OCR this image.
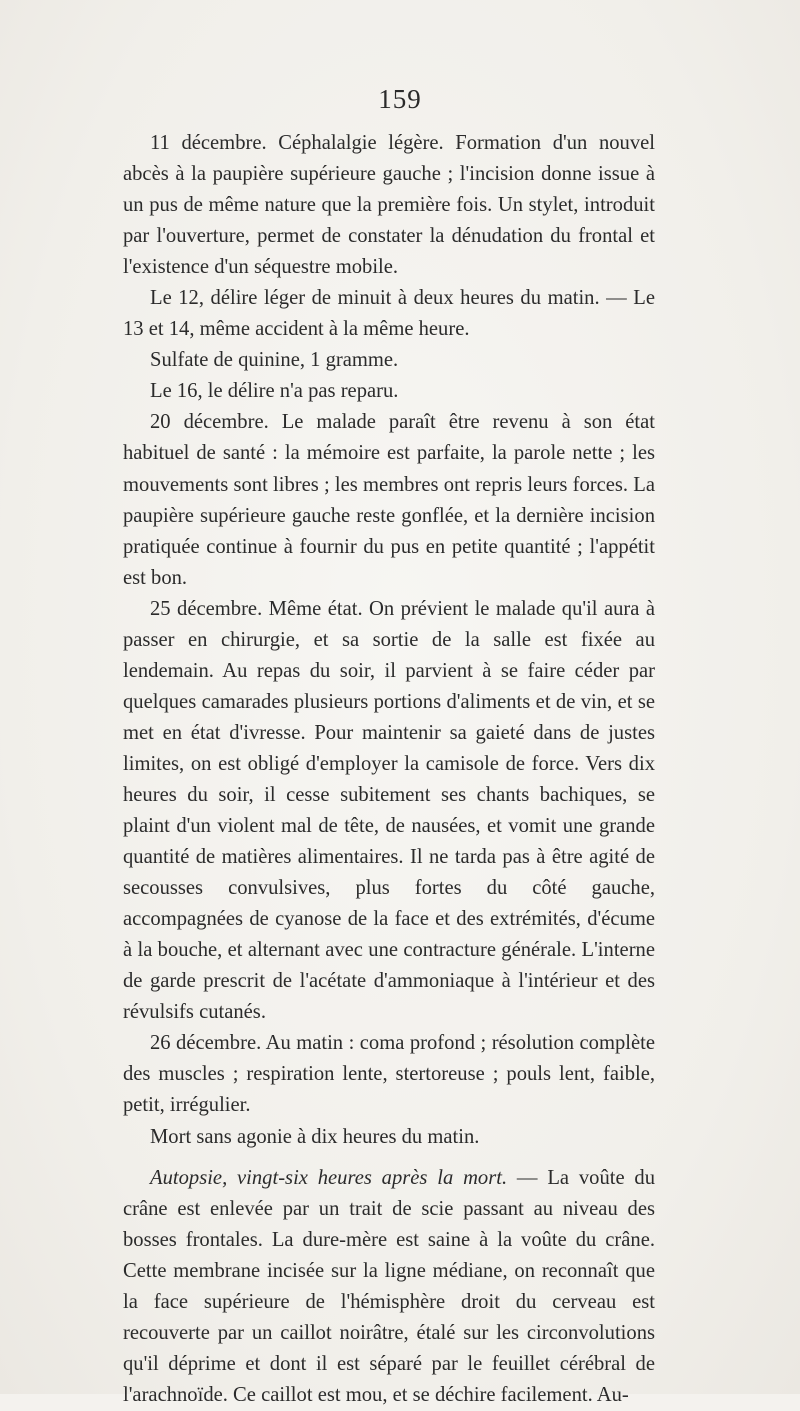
159

11 décembre. Céphalalgie légère. Formation d'un nouvel abcès à la paupière supérieure gauche ; l'incision donne issue à un pus de même nature que la première fois. Un stylet, introduit par l'ouverture, permet de constater la dénudation du frontal et l'existence d'un séquestre mobile.

Le 12, délire léger de minuit à deux heures du matin. — Le 13 et 14, même accident à la même heure.

Sulfate de quinine, 1 gramme.

Le 16, le délire n'a pas reparu.

20 décembre. Le malade paraît être revenu à son état habituel de santé : la mémoire est parfaite, la parole nette ; les mouvements sont libres ; les membres ont repris leurs forces. La paupière supérieure gauche reste gonflée, et la dernière incision pratiquée continue à fournir du pus en petite quantité ; l'appétit est bon.

25 décembre. Même état. On prévient le malade qu'il aura à passer en chirurgie, et sa sortie de la salle est fixée au lendemain. Au repas du soir, il parvient à se faire céder par quelques camarades plusieurs portions d'aliments et de vin, et se met en état d'ivresse. Pour maintenir sa gaieté dans de justes limites, on est obligé d'employer la camisole de force. Vers dix heures du soir, il cesse subitement ses chants bachiques, se plaint d'un violent mal de tête, de nausées, et vomit une grande quantité de matières alimentaires. Il ne tarda pas à être agité de secousses convulsives, plus fortes du côté gauche, accompagnées de cyanose de la face et des extrémités, d'écume à la bouche, et alternant avec une contracture générale. L'interne de garde prescrit de l'acétate d'ammoniaque à l'intérieur et des révulsifs cutanés.

26 décembre. Au matin : coma profond ; résolution complète des muscles ; respiration lente, stertoreuse ; pouls lent, faible, petit, irrégulier.

Mort sans agonie à dix heures du matin.

Autopsie, vingt-six heures après la mort. — La voûte du crâne est enlevée par un trait de scie passant au niveau des bosses frontales. La dure-mère est saine à la voûte du crâne. Cette membrane incisée sur la ligne médiane, on reconnaît que la face supérieure de l'hémisphère droit du cerveau est recouverte par un caillot noirâtre, étalé sur les circonvolutions qu'il déprime et dont il est séparé par le feuillet cérébral de l'arachnoïde. Ce caillot est mou, et se déchire facilement. Au-
